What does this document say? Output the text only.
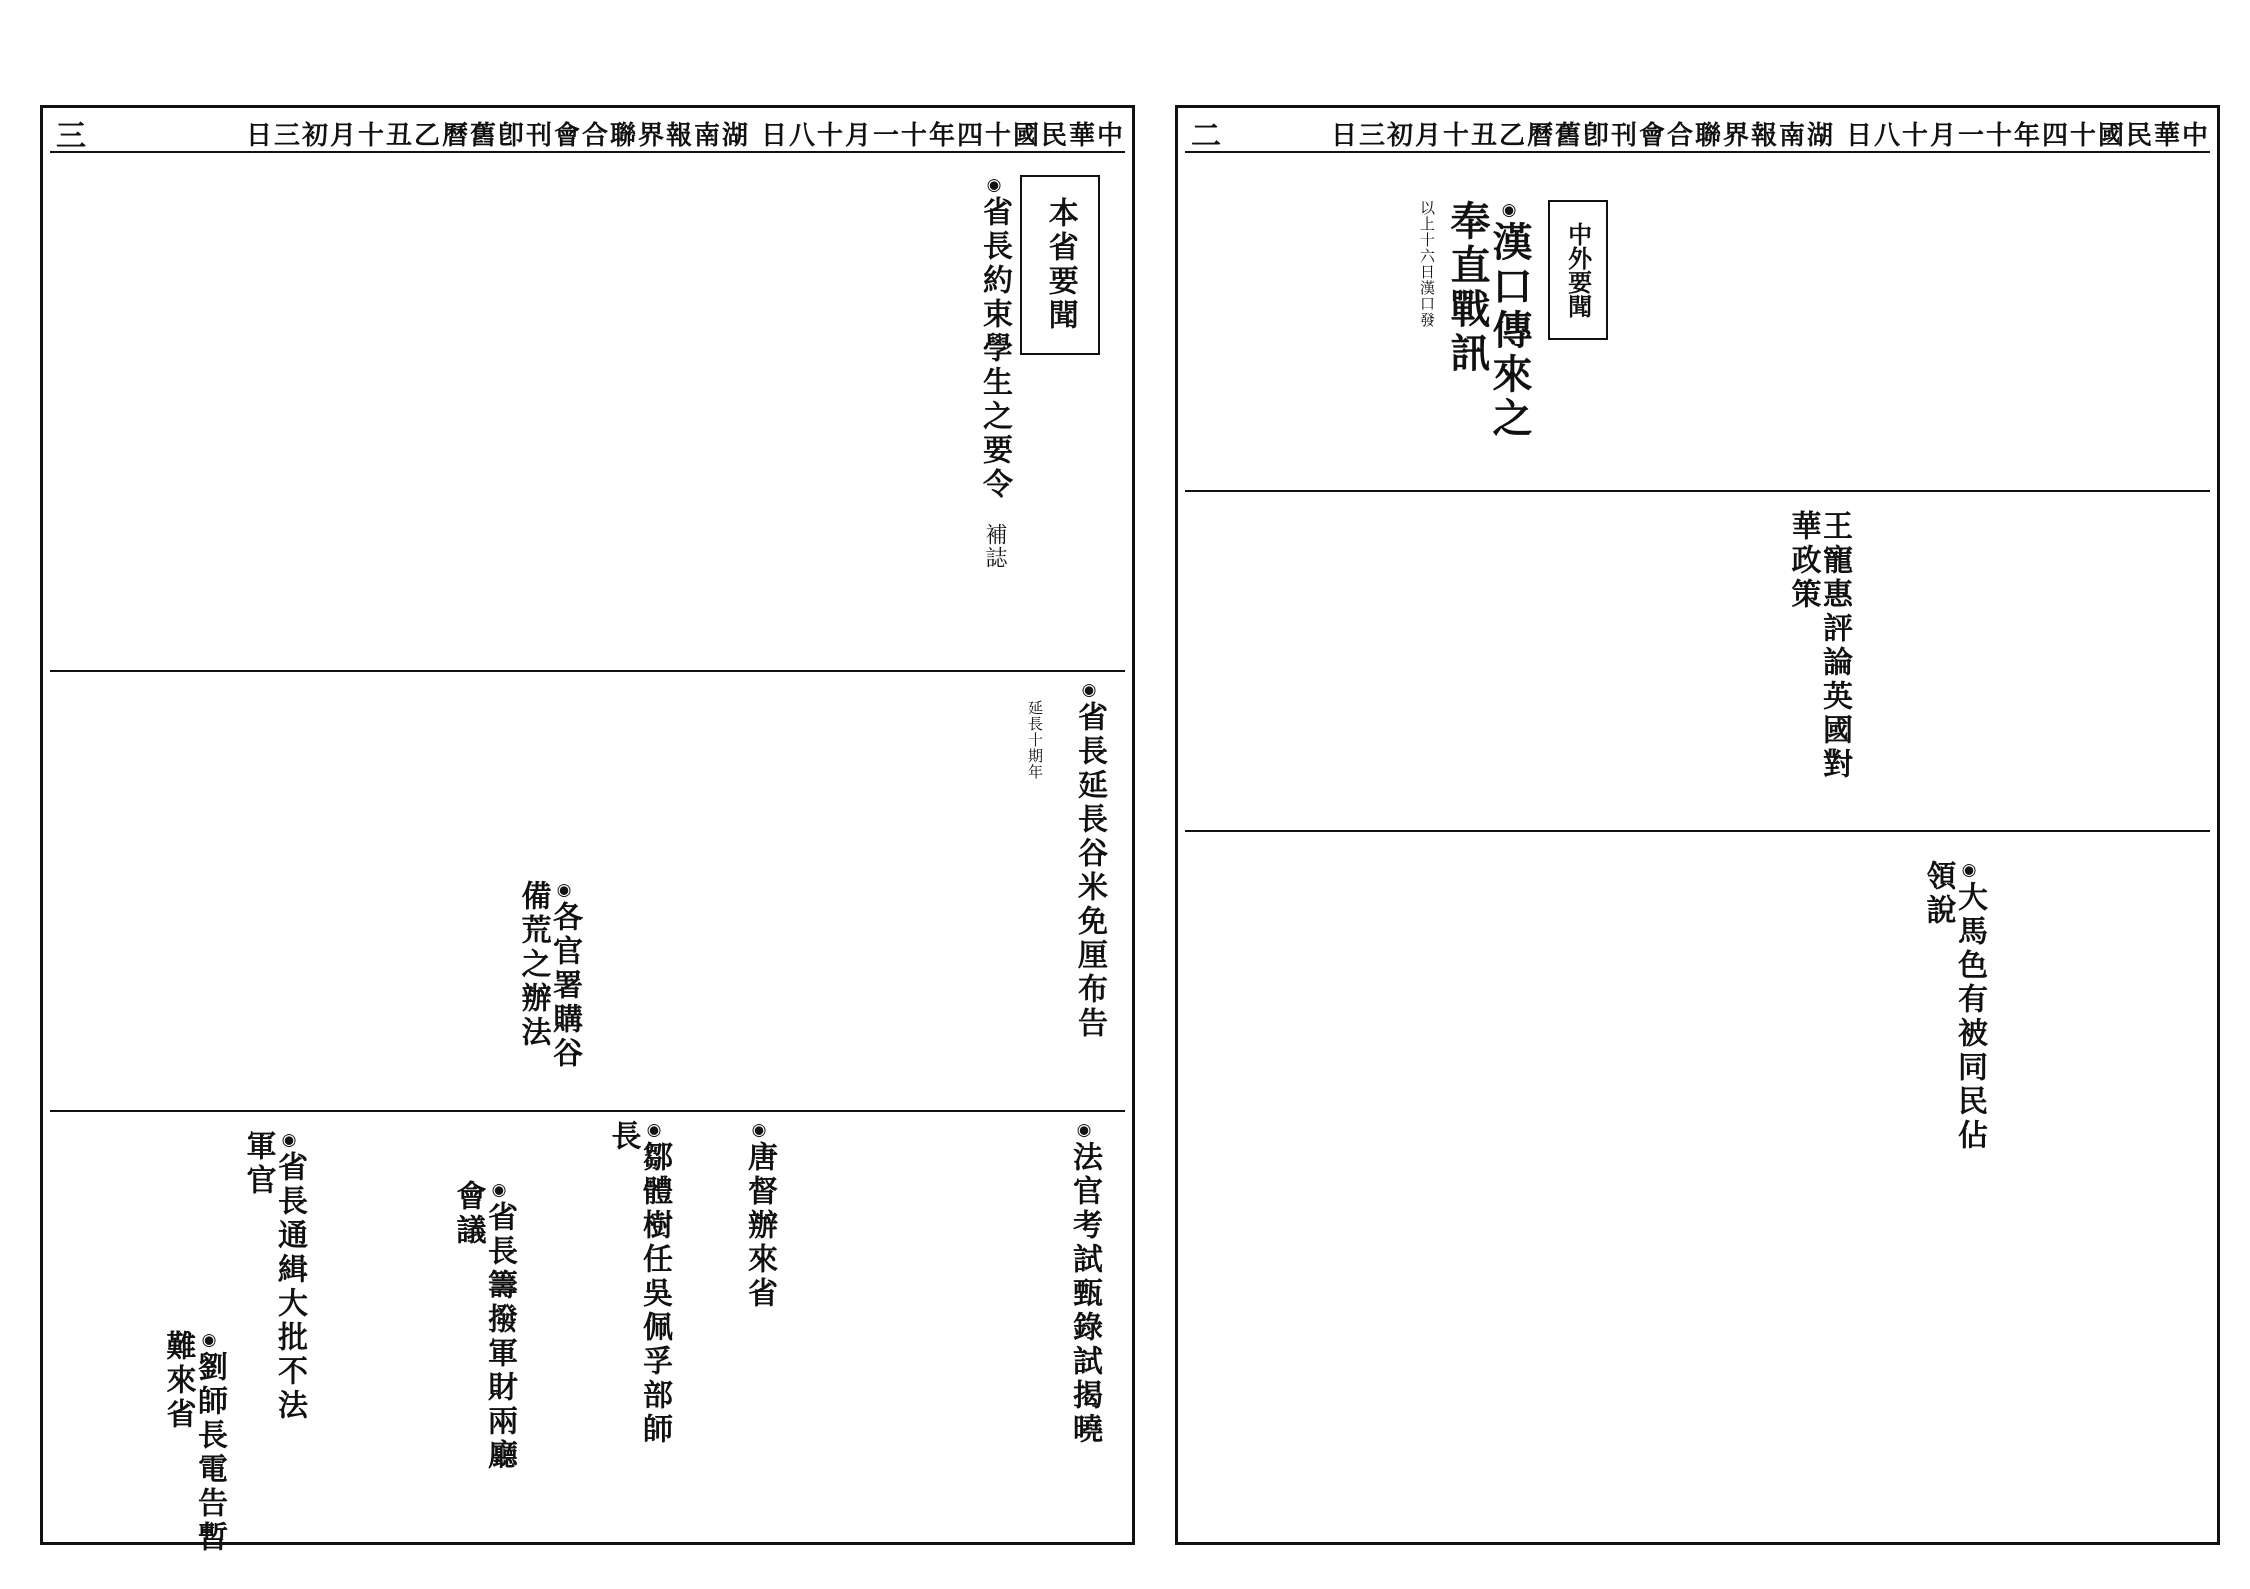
三	日三初月十丑乙曆舊卽刊會合聯界報南湖 日八十月一十年四十國民華中
本省要聞
◉省長約束學生之要令 補誌
◉省長延長谷米免厘布告
延長十期年
◉各官署購谷備荒之辦法
◉法官考試甄錄試揭曉
◉唐督辦來省
◉鄒體樹任吳佩孚部師長
◉省長籌撥軍財兩廳會議
◉省長通緝大批不法軍官
◉劉師長電告暫難來省
二	日三初月十丑乙曆舊卽刊會合聯界報南湖 日八十月一十年四十國民華中
中外要聞
◉漢口傳來之奉直戰訊
以上十六日漢口發
王寵惠評論英國對華政策
◉大馬色有被同民佔領說
